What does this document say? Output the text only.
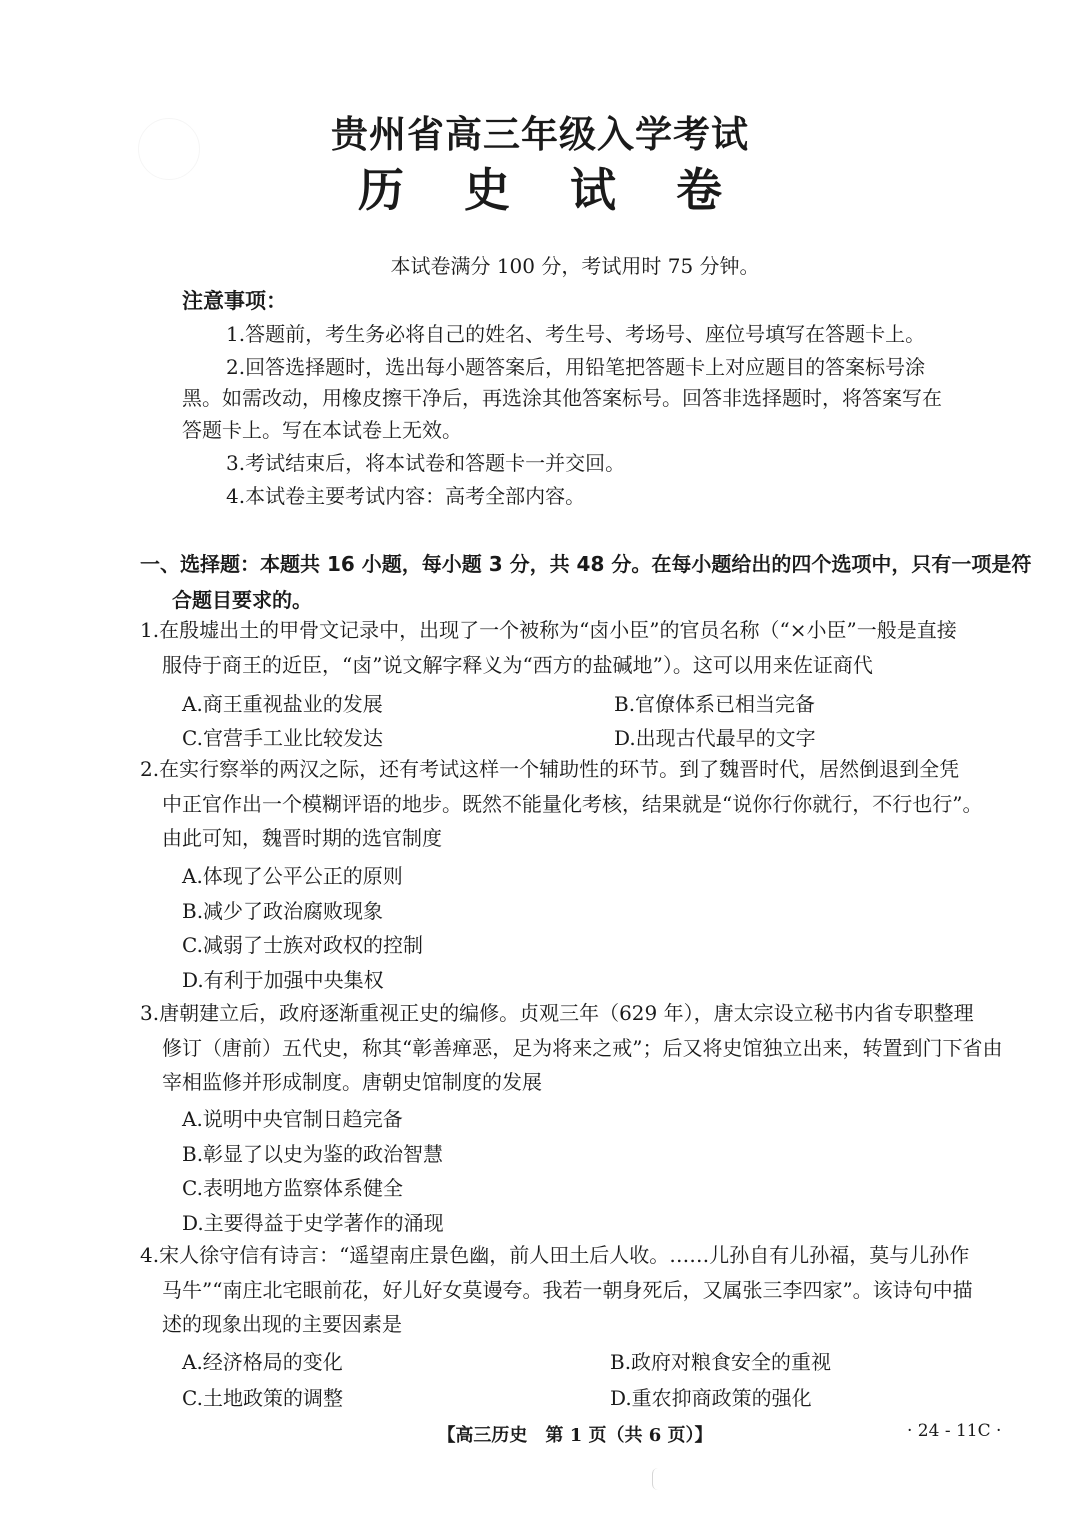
贵州省高三年级入学考试
历 史 试 卷
本试卷满分 100 分，考试用时 75 分钟。
注意事项：
1.答题前，考生务必将自己的姓名、考生号、考场号、座位号填写在答题卡上。
2.回答选择题时，选出每小题答案后，用铅笔把答题卡上对应题目的答案标号涂
黑。如需改动，用橡皮擦干净后，再选涂其他答案标号。回答非选择题时，将答案写在
答题卡上。写在本试卷上无效。
3.考试结束后，将本试卷和答题卡一并交回。
4.本试卷主要考试内容：高考全部内容。
一、选择题：本题共 16 小题，每小题 3 分，共 48 分。在每小题给出的四个选项中，只有一项是符
合题目要求的。
1.在殷墟出土的甲骨文记录中，出现了一个被称为“卤小臣”的官员名称（“×小臣”一般是直接
服侍于商王的近臣，“卤”说文解字释义为“西方的盐碱地”）。这可以用来佐证商代
A.商王重视盐业的发展	B.官僚体系已相当完备
C.官营手工业比较发达	D.出现古代最早的文字
2.在实行察举的两汉之际，还有考试这样一个辅助性的环节。到了魏晋时代，居然倒退到全凭
中正官作出一个模糊评语的地步。既然不能量化考核，结果就是“说你行你就行，不行也行”。
由此可知，魏晋时期的选官制度
A.体现了公平公正的原则
B.减少了政治腐败现象
C.减弱了士族对政权的控制
D.有利于加强中央集权
3.唐朝建立后，政府逐渐重视正史的编修。贞观三年（629 年），唐太宗设立秘书内省专职整理
修订（唐前）五代史，称其“彰善瘅恶，足为将来之戒”；后又将史馆独立出来，转置到门下省由
宰相监修并形成制度。唐朝史馆制度的发展
A.说明中央官制日趋完备
B.彰显了以史为鉴的政治智慧
C.表明地方监察体系健全
D.主要得益于史学著作的涌现
4.宋人徐守信有诗言：“遥望南庄景色幽，前人田土后人收。……儿孙自有儿孙福，莫与儿孙作
马牛”“南庄北宅眼前花，好儿好女莫谩夸。我若一朝身死后，又属张三李四家”。该诗句中描
述的现象出现的主要因素是
A.经济格局的变化	B.政府对粮食安全的重视
C.土地政策的调整	D.重农抑商政策的强化
【高三历史　第 1 页（共 6 页）】	· 24 - 11C ·
